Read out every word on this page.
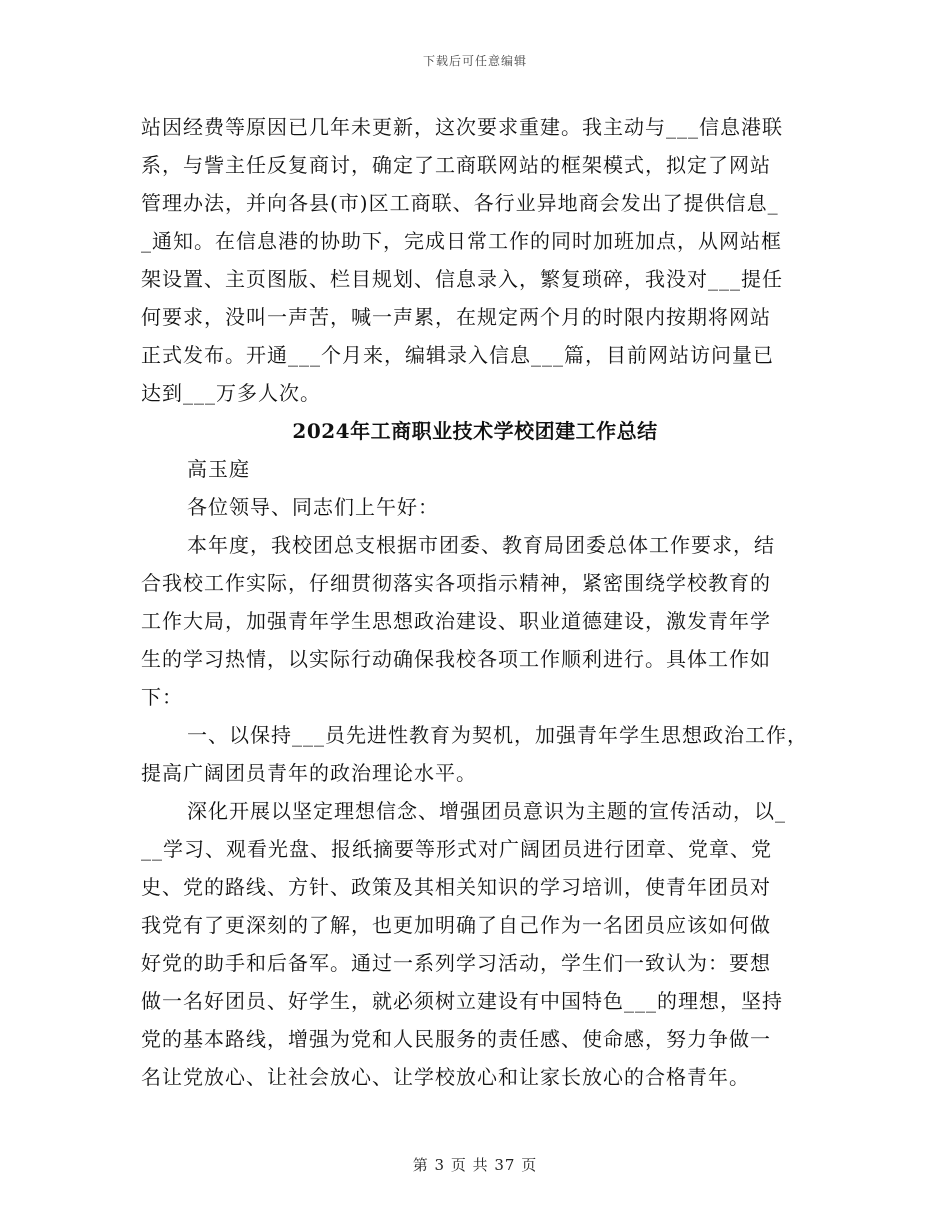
下载后可任意编辑
站因经费等原因已几年未更新，这次要求重建。我主动与___信息港联
系，与訾主任反复商讨，确定了工商联网站的框架模式，拟定了网站
管理办法，并向各县(市)区工商联、各行业异地商会发出了提供信息_
_通知。在信息港的协助下，完成日常工作的同时加班加点，从网站框
架设置、主页图版、栏目规划、信息录入，繁复琐碎，我没对___提任
何要求，没叫一声苦，喊一声累，在规定两个月的时限内按期将网站
正式发布。开通___个月来，编辑录入信息___篇，目前网站访问量已
达到___万多人次。
2024年工商职业技术学校团建工作总结
高玉庭
各位领导、同志们上午好：
本年度，我校团总支根据市团委、教育局团委总体工作要求，结
合我校工作实际，仔细贯彻落实各项指示精神，紧密围绕学校教育的
工作大局，加强青年学生思想政治建设、职业道德建设，激发青年学
生的学习热情，以实际行动确保我校各项工作顺利进行。具体工作如
下：
一、以保持___员先进性教育为契机，加强青年学生思想政治工作，
提高广阔团员青年的政治理论水平。
深化开展以坚定理想信念、增强团员意识为主题的宣传活动，以_
__学习、观看光盘、报纸摘要等形式对广阔团员进行团章、党章、党
史、党的路线、方针、政策及其相关知识的学习培训，使青年团员对
我党有了更深刻的了解，也更加明确了自己作为一名团员应该如何做
好党的助手和后备军。通过一系列学习活动，学生们一致认为：要想
做一名好团员、好学生，就必须树立建设有中国特色___的理想，坚持
党的基本路线，增强为党和人民服务的责任感、使命感，努力争做一
名让党放心、让社会放心、让学校放心和让家长放心的合格青年。
第 3 页 共 37 页
